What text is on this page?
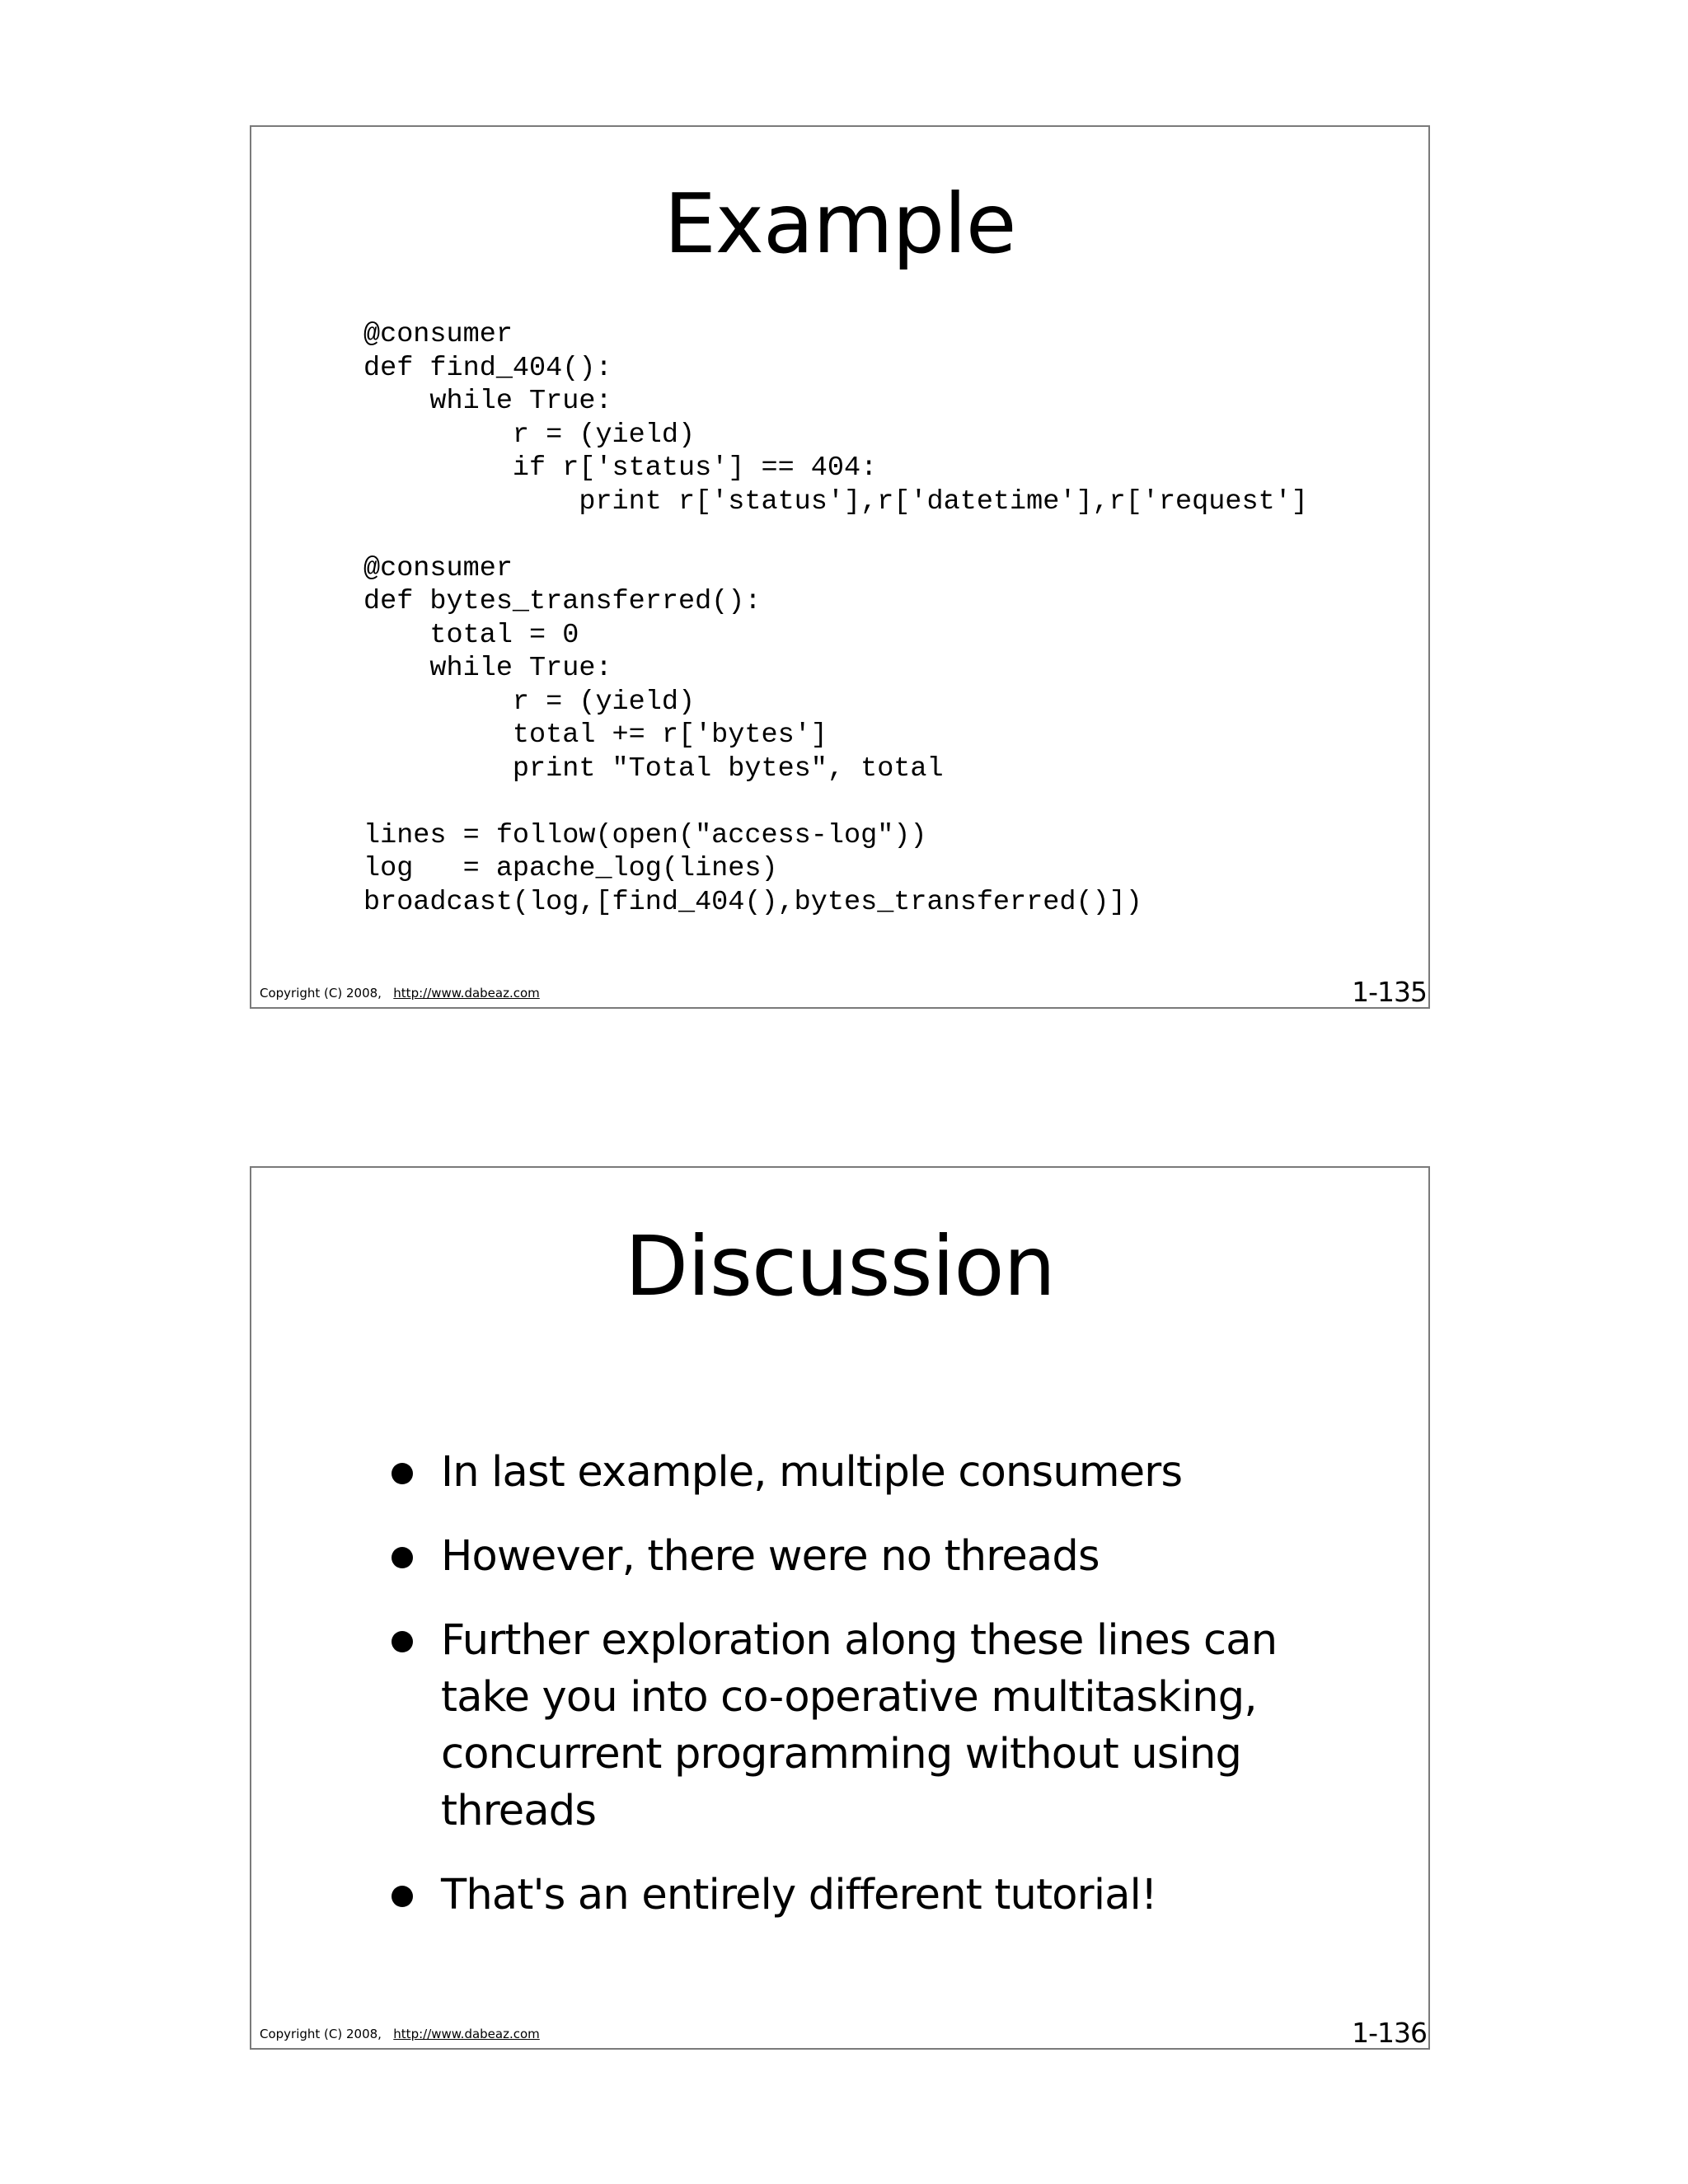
Example
@consumer
def find_404():
while True:
r = (yield)
if r['status'] == 404:
print r['status'],r['datetime'],r['request']

@consumer
def bytes_transferred():
total = 0
while True:
r = (yield)
total += r['bytes']
print "Total bytes", total

lines = follow(open("access-log"))
log   = apache_log(lines)
broadcast(log,[find_404(),bytes_transferred()])
Copyright (C) 2008, http://www.dabeaz.com	1-135
Discussion
In last example, multiple consumers
However, there were no threads
Further exploration along these lines can take you into co-operative multitasking, concurrent programming without using threads
That's an entirely different tutorial!
Copyright (C) 2008, http://www.dabeaz.com	1-136
